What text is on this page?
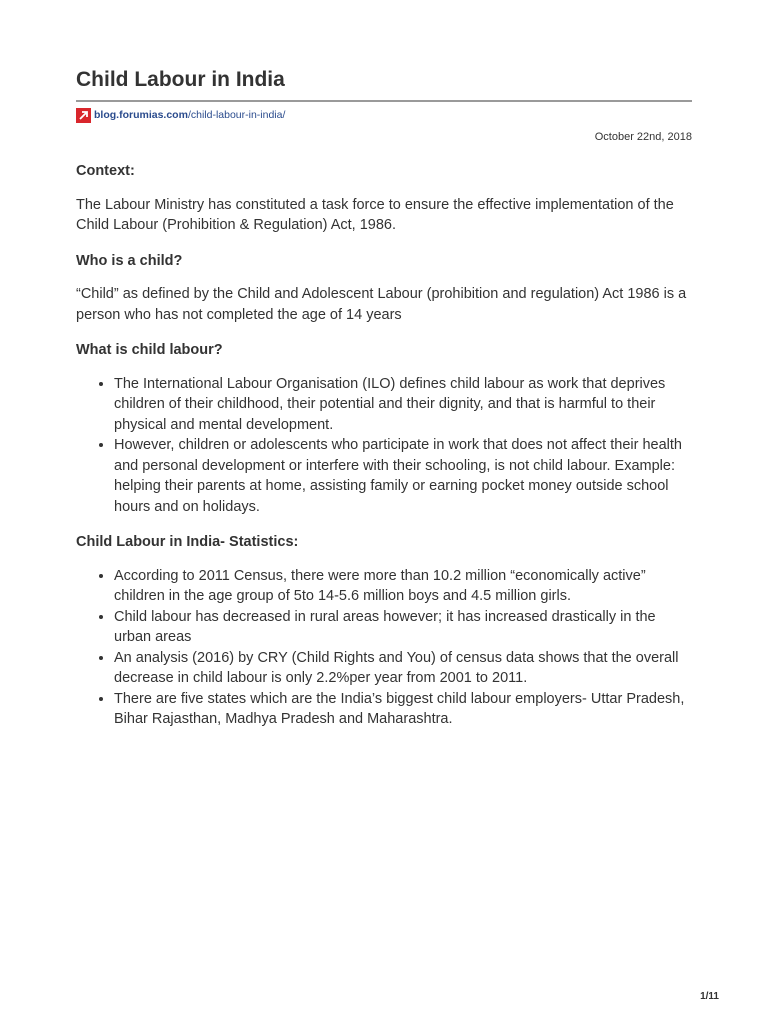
Child Labour in India
blog.forumias.com /child-labour-in-india/
October 22nd, 2018
Context:

The Labour Ministry has constituted a task force to ensure the effective implementation of the Child Labour (Prohibition & Regulation) Act, 1986.

Who is a child?

“Child” as defined by the Child and Adolescent Labour (prohibition and regulation) Act 1986 is a person who has not completed the age of 14 years

What is child labour?
• The International Labour Organisation (ILO) defines child labour as work that deprives children of their childhood, their potential and their dignity, and that is harmful to their physical and mental development.
• However, children or adolescents who participate in work that does not affect their health and personal development or interfere with their schooling, is not child labour. Example: helping their parents at home, assisting family or earning pocket money outside school hours and on holidays.
Child Labour in India- Statistics:
• According to 2011 Census, there were more than 10.2 million “economically active” children in the age group of 5to 14-5.6 million boys and 4.5 million girls.
• Child labour has decreased in rural areas however; it has increased drastically in the urban areas
• An analysis (2016) by CRY (Child Rights and You) of census data shows that the overall decrease in child labour is only 2.2%per year from 2001 to 2011.
• There are five states which are the India’s biggest child labour employers- Uttar Pradesh, Bihar Rajasthan, Madhya Pradesh and Maharashtra.
1/11
